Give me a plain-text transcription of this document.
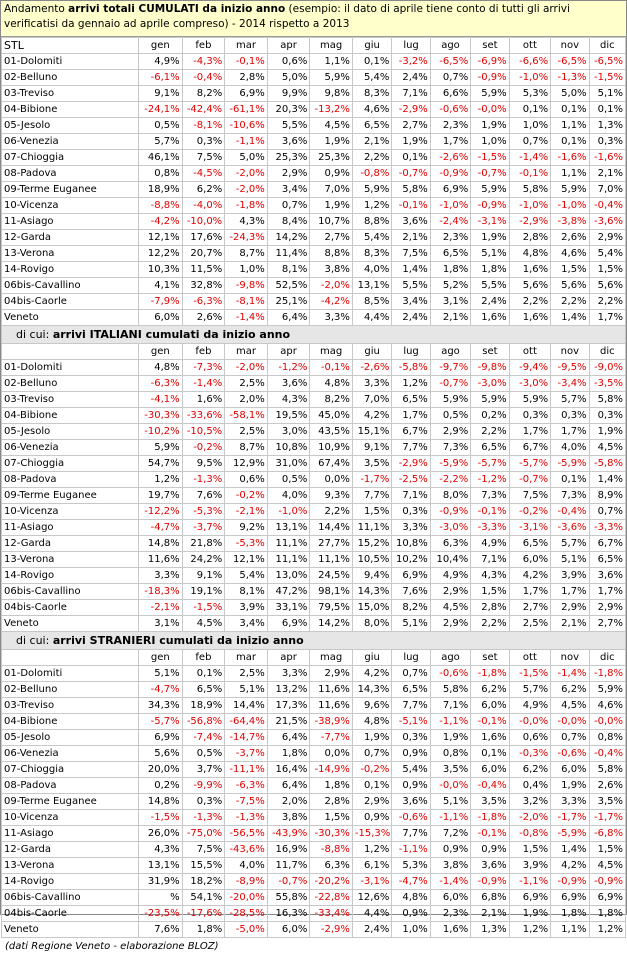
Andamento arrivi totali CUMULATI da inizio anno (esempio: il dato di aprile tiene conto di tutti gli arrivi verificatisi da gennaio ad aprile compreso) - 2014 rispetto a 2013
STL	gen	feb	mar	apr	mag	giu	lug	ago	set	ott	nov	dic
01-Dolomiti	4,9%	-4,3%	-0,1%	0,6%	1,1%	0,1%	-3,2%	-6,5%	-6,9%	-6,6%	-6,5%	-6,5%
02-Belluno	-6,1%	-0,4%	2,8%	5,0%	5,9%	5,4%	2,4%	0,7%	-0,9%	-1,0%	-1,3%	-1,5%
03-Treviso	9,1%	8,2%	6,9%	9,9%	9,8%	8,3%	7,1%	6,6%	5,9%	5,3%	5,0%	5,1%
04-Bibione	-24,1%	-42,4%	-61,1%	20,3%	-13,2%	4,6%	-2,9%	-0,6%	-0,0%	0,1%	0,1%	0,1%
05-Jesolo	0,5%	-8,1%	-10,6%	5,5%	4,5%	6,5%	2,7%	2,3%	1,9%	1,0%	1,1%	1,3%
06-Venezia	5,7%	0,3%	-1,1%	3,6%	1,9%	2,1%	1,9%	1,7%	1,0%	0,7%	0,1%	0,3%
07-Chioggia	46,1%	7,5%	5,0%	25,3%	25,3%	2,2%	0,1%	-2,6%	-1,5%	-1,4%	-1,6%	-1,6%
08-Padova	0,8%	-4,5%	-2,0%	2,9%	0,9%	-0,8%	-0,7%	-0,9%	-0,7%	-0,1%	1,1%	2,1%
09-Terme Euganee	18,9%	6,2%	-2,0%	3,4%	7,0%	5,9%	5,8%	6,9%	5,9%	5,8%	5,9%	7,0%
10-Vicenza	-8,8%	-4,0%	-1,8%	0,7%	1,9%	1,2%	-0,1%	-1,0%	-0,9%	-1,0%	-1,0%	-0,4%
11-Asiago	-4,2%	-10,0%	4,3%	8,4%	10,7%	8,8%	3,6%	-2,4%	-3,1%	-2,9%	-3,8%	-3,6%
12-Garda	12,1%	17,6%	-24,3%	14,2%	2,7%	5,4%	2,1%	2,3%	1,9%	2,8%	2,6%	2,9%
13-Verona	12,2%	20,7%	8,7%	11,4%	8,8%	8,3%	7,5%	6,5%	5,1%	4,8%	4,6%	5,4%
14-Rovigo	10,3%	11,5%	1,0%	8,1%	3,8%	4,0%	1,4%	1,8%	1,8%	1,6%	1,5%	1,5%
06bis-Cavallino	4,1%	32,8%	-9,8%	52,5%	-2,0%	13,1%	5,5%	5,2%	5,5%	5,6%	5,6%	5,6%
04bis-Caorle	-7,9%	-6,3%	-8,1%	25,1%	-4,2%	8,5%	3,4%	3,1%	2,4%	2,2%	2,2%	2,2%
Veneto	6,0%	2,6%	-1,4%	6,4%	3,3%	4,4%	2,4%	2,1%	1,6%	1,6%	1,4%	1,7%
di cui: arrivi ITALIANI cumulati da inizio anno												
	gen	feb	mar	apr	mag	giu	lug	ago	set	ott	nov	dic
01-Dolomiti	4,8%	-7,3%	-2,0%	-1,2%	-0,1%	-2,6%	-5,8%	-9,7%	-9,8%	-9,4%	-9,5%	-9,0%
02-Belluno	-6,3%	-1,4%	2,5%	3,6%	4,8%	3,3%	1,2%	-0,7%	-3,0%	-3,0%	-3,4%	-3,5%
03-Treviso	-4,1%	1,6%	2,0%	4,3%	8,2%	7,0%	6,5%	5,9%	5,9%	5,9%	5,7%	5,8%
04-Bibione	-30,3%	-33,6%	-58,1%	19,5%	45,0%	4,2%	1,7%	0,5%	0,2%	0,3%	0,3%	0,3%
05-Jesolo	-10,2%	-10,5%	2,5%	3,0%	43,5%	15,1%	6,7%	2,9%	2,2%	1,7%	1,7%	1,9%
06-Venezia	5,9%	-0,2%	8,7%	10,8%	10,9%	9,1%	7,7%	7,3%	6,5%	6,7%	4,0%	4,5%
07-Chioggia	54,7%	9,5%	12,9%	31,0%	67,4%	3,5%	-2,9%	-5,9%	-5,7%	-5,7%	-5,9%	-5,8%
08-Padova	1,2%	-1,3%	0,6%	0,5%	0,0%	-1,7%	-2,5%	-2,2%	-1,2%	-0,7%	0,1%	1,4%
09-Terme Euganee	19,7%	7,6%	-0,2%	4,0%	9,3%	7,7%	7,1%	8,0%	7,3%	7,5%	7,3%	8,9%
10-Vicenza	-12,2%	-5,3%	-2,1%	-1,0%	2,2%	1,5%	0,3%	-0,9%	-0,1%	-0,2%	-0,4%	0,7%
11-Asiago	-4,7%	-3,7%	9,2%	13,1%	14,4%	11,1%	3,3%	-3,0%	-3,3%	-3,1%	-3,6%	-3,3%
12-Garda	14,8%	21,8%	-5,3%	11,1%	27,7%	15,2%	10,8%	6,3%	4,9%	6,5%	5,7%	6,7%
13-Verona	11,6%	24,2%	12,1%	11,1%	11,1%	10,5%	10,2%	10,4%	7,1%	6,0%	5,1%	6,5%
14-Rovigo	3,3%	9,1%	5,4%	13,0%	24,5%	9,4%	6,9%	4,9%	4,3%	4,2%	3,9%	3,6%
06bis-Cavallino	-18,3%	19,1%	8,1%	47,2%	98,1%	14,3%	7,6%	2,9%	1,5%	1,7%	1,7%	1,7%
04bis-Caorle	-2,1%	-1,5%	3,9%	33,1%	79,5%	15,0%	8,2%	4,5%	2,8%	2,7%	2,9%	2,9%
Veneto	3,1%	4,5%	3,4%	6,9%	14,2%	8,0%	5,1%	2,9%	2,2%	2,5%	2,1%	2,7%
di cui: arrivi STRANIERI cumulati da inizio anno												
	gen	feb	mar	apr	mag	giu	lug	ago	set	ott	nov	dic
01-Dolomiti	5,1%	0,1%	2,5%	3,3%	2,9%	4,2%	0,7%	-0,6%	-1,8%	-1,5%	-1,4%	-1,8%
02-Belluno	-4,7%	6,5%	5,1%	13,2%	11,6%	14,3%	6,5%	5,8%	6,2%	5,7%	6,2%	5,9%
03-Treviso	34,3%	18,9%	14,4%	17,3%	11,6%	9,6%	7,7%	7,1%	6,0%	4,9%	4,5%	4,6%
04-Bibione	-5,7%	-56,8%	-64,4%	21,5%	-38,9%	4,8%	-5,1%	-1,1%	-0,1%	-0,0%	-0,0%	-0,0%
05-Jesolo	6,9%	-7,4%	-14,7%	6,4%	-7,7%	1,9%	0,3%	1,9%	1,6%	0,6%	0,7%	0,8%
06-Venezia	5,6%	0,5%	-3,7%	1,8%	0,0%	0,7%	0,9%	0,8%	0,1%	-0,3%	-0,6%	-0,4%
07-Chioggia	20,0%	3,7%	-11,1%	16,4%	-14,9%	-0,2%	5,4%	3,5%	6,0%	6,2%	6,0%	5,8%
08-Padova	0,2%	-9,9%	-6,3%	6,4%	1,8%	0,1%	0,9%	-0,0%	-0,4%	0,4%	1,9%	2,6%
09-Terme Euganee	14,8%	0,3%	-7,5%	2,0%	2,8%	2,9%	3,6%	5,1%	3,5%	3,2%	3,3%	3,5%
10-Vicenza	-1,5%	-1,3%	-1,3%	3,8%	1,5%	0,9%	-0,6%	-1,1%	-1,8%	-2,0%	-1,7%	-1,7%
11-Asiago	26,0%	-75,0%	-56,5%	-43,9%	-30,3%	-15,3%	7,7%	7,2%	-0,1%	-0,8%	-5,9%	-6,8%
12-Garda	4,3%	7,5%	-43,6%	16,9%	-8,8%	1,2%	-1,1%	0,9%	0,9%	1,5%	1,4%	1,5%
13-Verona	13,1%	15,5%	4,0%	11,7%	6,3%	6,1%	5,3%	3,8%	3,6%	3,9%	4,2%	4,5%
14-Rovigo	31,9%	18,2%	-8,9%	-0,7%	-20,2%	-3,1%	-4,7%	-1,4%	-0,9%	-1,1%	-0,9%	-0,9%
06bis-Cavallino	%	54,1%	-20,0%	55,8%	-22,8%	12,6%	4,8%	6,0%	6,8%	6,9%	6,9%	6,9%
04bis-Caorle	-23,5%	-17,6%	-28,5%	16,3%	-33,4%	4,4%	0,9%	2,3%	2,1%	1,9%	1,8%	1,8%
Veneto	7,6%	1,8%	-5,0%	6,0%	-2,9%	2,4%	1,0%	1,6%	1,3%	1,2%	1,1%	1,2%
(dati Regione Veneto - elaborazione BLOZ)
